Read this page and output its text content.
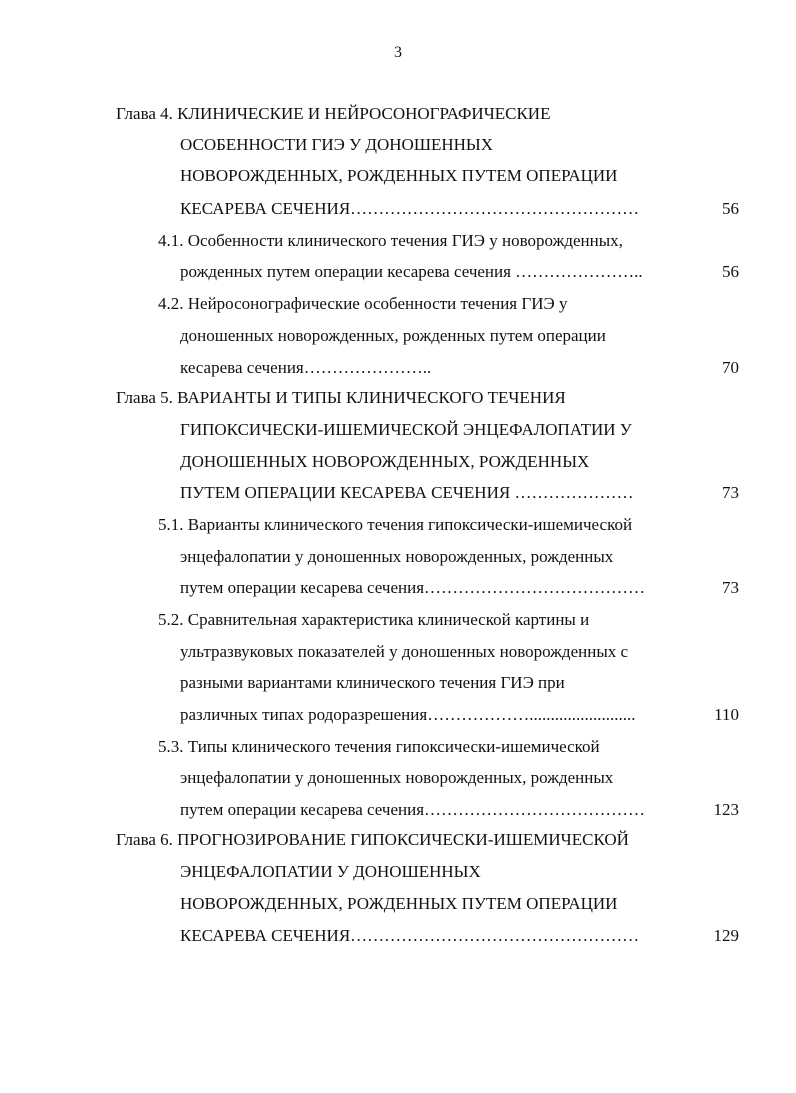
3
Глава 4. КЛИНИЧЕСКИЕ И НЕЙРОСОНОГРАФИЧЕСКИЕ
ОСОБЕННОСТИ ГИЭ У ДОНОШЕННЫХ
НОВОРОЖДЕННЫХ, РОЖДЕННЫХ ПУТЕМ ОПЕРАЦИИ
КЕСАРЕВА СЕЧЕНИЯ……………………………………………	56
4.1. Особенности клинического течения ГИЭ у новорожденных,
рожденных путем операции кесарева сечения …………………..	56
4.2. Нейросонографические особенности течения ГИЭ у
доношенных новорожденных, рожденных путем операции
кесарева сечения…………………..	70
Глава 5. ВАРИАНТЫ И ТИПЫ КЛИНИЧЕСКОГО ТЕЧЕНИЯ
ГИПОКСИЧЕСКИ-ИШЕМИЧЕСКОЙ ЭНЦЕФАЛОПАТИИ У
ДОНОШЕННЫХ НОВОРОЖДЕННЫХ, РОЖДЕННЫХ
ПУТЕМ ОПЕРАЦИИ КЕСАРЕВА СЕЧЕНИЯ …………………	73
5.1. Варианты клинического течения гипоксически-ишемической
энцефалопатии у доношенных новорожденных, рожденных
путем операции кесарева сечения…………………………………	73
5.2. Сравнительная характеристика клинической картины и
ультразвуковых показателей у доношенных новорожденных с
разными вариантами клинического течения ГИЭ при
различных типах родоразрешения……………….........................	110
5.3. Типы клинического течения гипоксически-ишемической
энцефалопатии у доношенных новорожденных, рожденных
путем операции кесарева сечения…………………………………	123
Глава 6. ПРОГНОЗИРОВАНИЕ ГИПОКСИЧЕСКИ-ИШЕМИЧЕСКОЙ
ЭНЦЕФАЛОПАТИИ У ДОНОШЕННЫХ
НОВОРОЖДЕННЫХ, РОЖДЕННЫХ ПУТЕМ ОПЕРАЦИИ
КЕСАРЕВА СЕЧЕНИЯ……………………………………………	129
